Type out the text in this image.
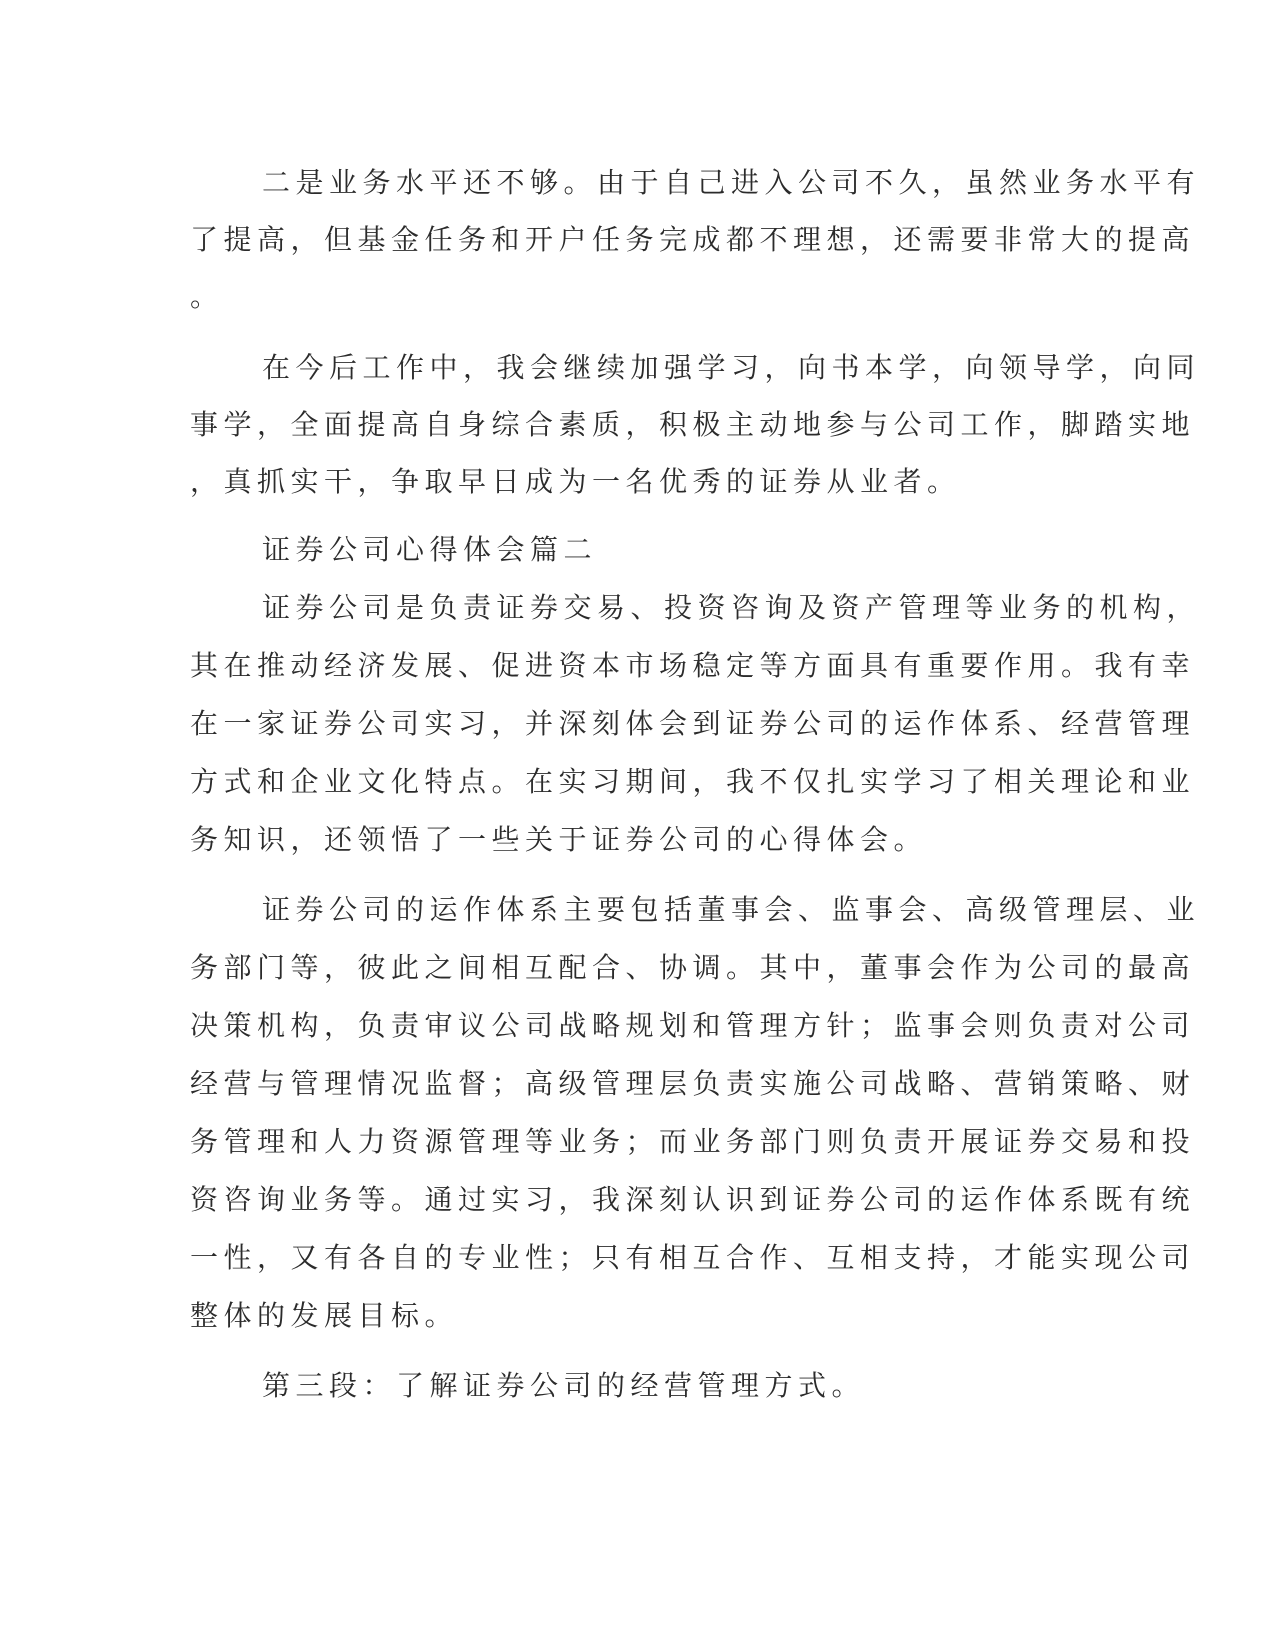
二是业务水平还不够。由于自己进入公司不久，虽然业务水平有

了提高，但基金任务和开户任务完成都不理想，还需要非常大的提高

。

在今后工作中，我会继续加强学习，向书本学，向领导学，向同

事学，全面提高自身综合素质，积极主动地参与公司工作，脚踏实地

，真抓实干，争取早日成为一名优秀的证券从业者。

证券公司心得体会篇二

证券公司是负责证券交易、投资咨询及资产管理等业务的机构，

其在推动经济发展、促进资本市场稳定等方面具有重要作用。我有幸

在一家证券公司实习，并深刻体会到证券公司的运作体系、经营管理

方式和企业文化特点。在实习期间，我不仅扎实学习了相关理论和业

务知识，还领悟了一些关于证券公司的心得体会。

证券公司的运作体系主要包括董事会、监事会、高级管理层、业

务部门等，彼此之间相互配合、协调。其中，董事会作为公司的最高

决策机构，负责审议公司战略规划和管理方针；监事会则负责对公司

经营与管理情况监督；高级管理层负责实施公司战略、营销策略、财

务管理和人力资源管理等业务；而业务部门则负责开展证券交易和投

资咨询业务等。通过实习，我深刻认识到证券公司的运作体系既有统

一性，又有各自的专业性；只有相互合作、互相支持，才能实现公司

整体的发展目标。

第三段：了解证券公司的经营管理方式。
